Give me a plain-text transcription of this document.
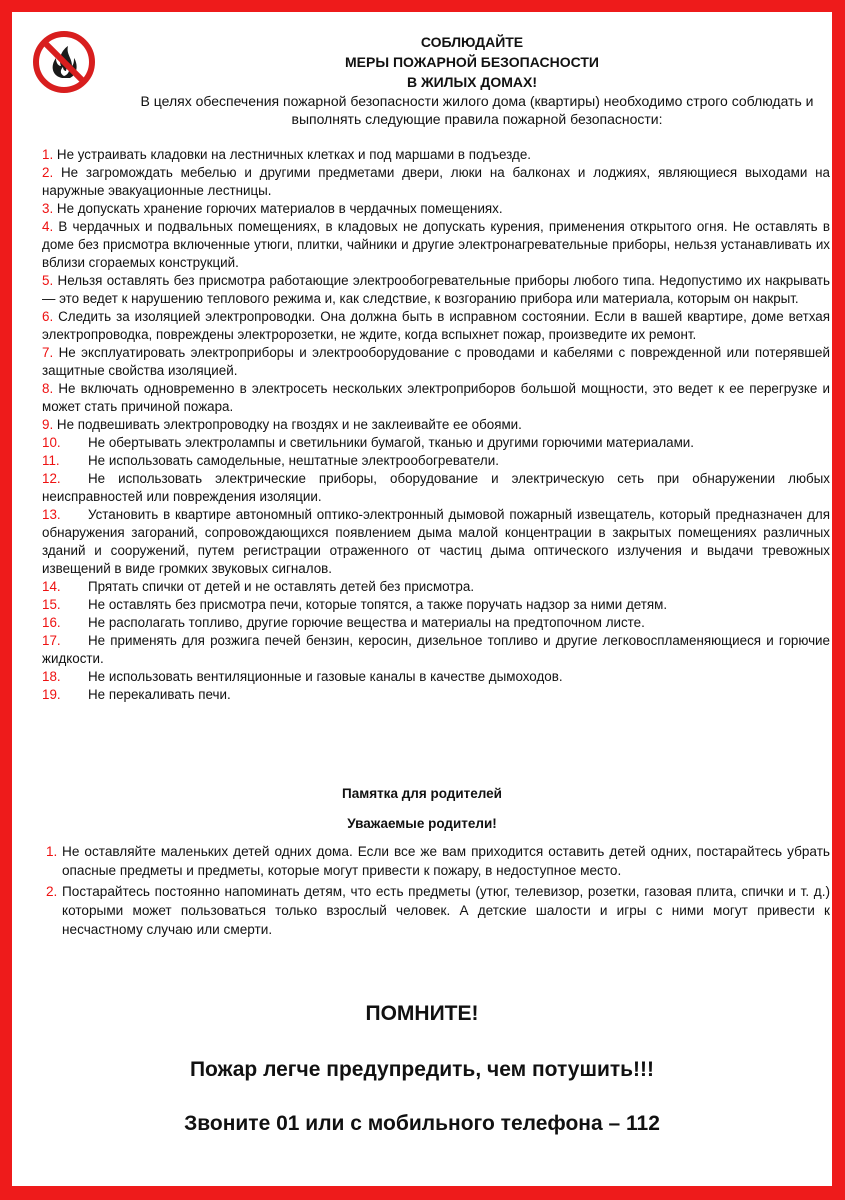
СОБЛЮДАЙТЕ
МЕРЫ ПОЖАРНОЙ БЕЗОПАСНОСТИ
В ЖИЛЫХ ДОМАХ!
В целях обеспечения пожарной безопасности жилого дома (квартиры) необходимо строго соблюдать и выполнять следующие правила пожарной безопасности:

1. Не устраивать кладовки на лестничных клетках и под маршами в подъезде.

2. Не загромождать мебелью и другими предметами двери, люки на балконах и лоджиях, являющиеся выходами на наружные эвакуационные лестницы.

3. Не допускать хранение горючих материалов в чердачных помещениях.

4. В чердачных и подвальных помещениях, в кладовых не допускать курения, применения открытого огня. Не оставлять в доме без присмотра включенные утюги, плитки, чайники и другие электронагревательные приборы, нельзя устанавливать их вблизи сгораемых конструкций.

5. Нельзя оставлять без присмотра работающие электрообогревательные приборы любого типа. Недопустимо их накрывать — это ведет к нарушению теплового режима и, как следствие, к возгоранию прибора или материала, которым он накрыт.

6. Следить за изоляцией электропроводки. Она должна быть в исправном состоянии. Если в вашей квартире, доме ветхая электропроводка, повреждены электророзетки, не ждите, когда вспыхнет пожар, произведите их ремонт.

7. Не эксплуатировать электроприборы и электрооборудование с проводами и кабелями с поврежденной или потерявшей защитные свойства изоляцией.

8. Не включать одновременно в электросеть нескольких электроприборов большой мощности, это ведет к ее перегрузке и может стать причиной пожара.

9. Не подвешивать электропроводку на гвоздях и не заклеивайте ее обоями.

10. Не обертывать электролампы и светильники бумагой, тканью и другими горючими материалами.

11. Не использовать самодельные, нештатные электрообогреватели.

12. Не использовать электрические приборы, оборудование и электрическую сеть при обнаружении любых неисправностей или повреждения изоляции.

13. Установить в квартире автономный оптико-электронный дымовой пожарный извещатель, который предназначен для обнаружения загораний, сопровождающихся появлением дыма малой концентрации в закрытых помещениях различных зданий и сооружений, путем регистрации отраженного от частиц дыма оптического излучения и выдачи тревожных извещений в виде громких звуковых сигналов.

14. Прятать спички от детей и не оставлять детей без присмотра.

15. Не оставлять без присмотра печи, которые топятся, а также поручать надзор за ними детям.

16. Не располагать топливо, другие горючие вещества и материалы на предтопочном листе.

17. Не применять для розжига печей бензин, керосин, дизельное топливо и другие легковоспламеняющиеся и горючие жидкости.

18. Не использовать вентиляционные и газовые каналы в качестве дымоходов.

19. Не перекаливать печи.

Памятка для родителей
Уважаемые родители!

1. Не оставляйте маленьких детей одних дома. Если все же вам приходится оставить детей одних, постарайтесь убрать опасные предметы и предметы, которые могут привести к пожару, в недоступное место.

2. Постарайтесь постоянно напоминать детям, что есть предметы (утюг, телевизор, розетки, газовая плита, спички и т. д.) которыми может пользоваться только взрослый человек. А детские шалости и игры с ними могут привести к несчастному случаю или смерти.

ПОМНИТЕ!
Пожар легче предупредить, чем потушить!!!
Звоните 01 или с мобильного телефона – 112
